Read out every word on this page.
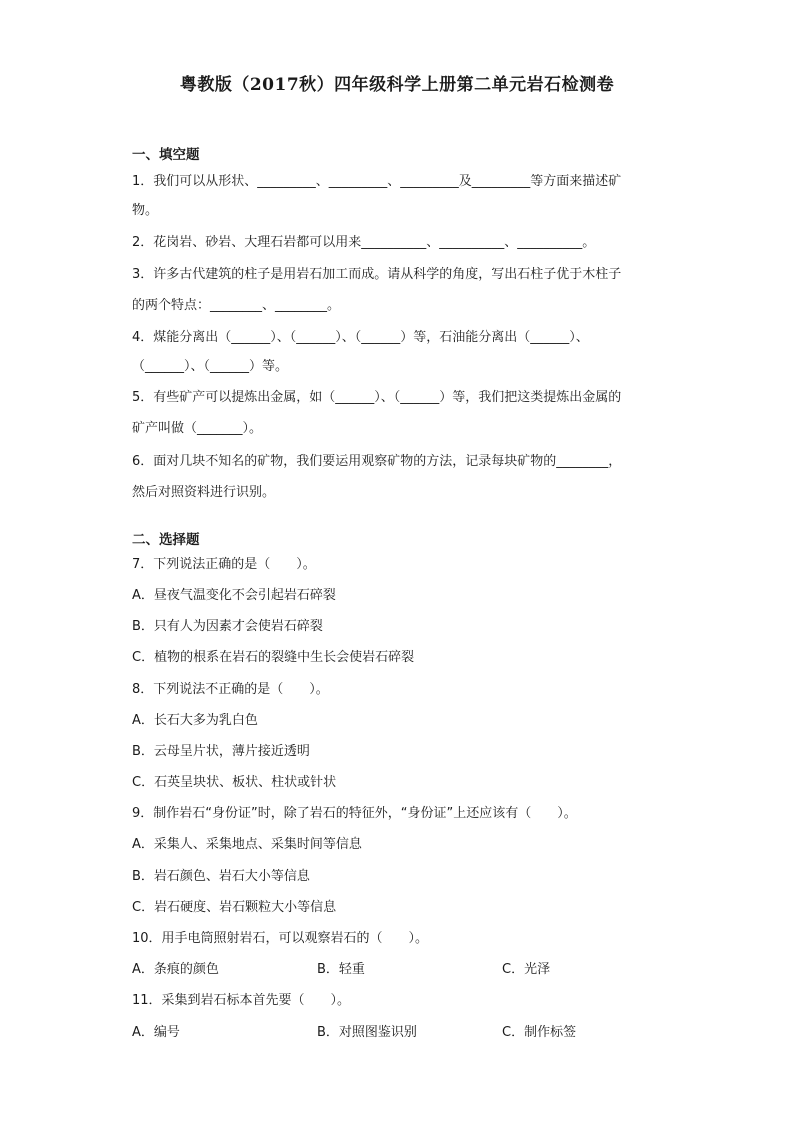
粤教版（2017秋）四年级科学上册第二单元岩石检测卷
一、填空题
1．我们可以从形状、_________、_________、_________及_________等方面来描述矿
物。
2．花岗岩、砂岩、大理石岩都可以用来__________、__________、__________。
3．许多古代建筑的柱子是用岩石加工而成。请从科学的角度，写出石柱子优于木柱子
的两个特点：________、________。
4．煤能分离出（______）、（______）、（______）等，石油能分离出（______）、
（______）、（______）等。
5．有些矿产可以提炼出金属，如（______）、（______）等，我们把这类提炼出金属的
矿产叫做（_______）。
6．面对几块不知名的矿物，我们要运用观察矿物的方法，记录每块矿物的________，
然后对照资料进行识别。
二、选择题
7．下列说法正确的是（　　）。
A．昼夜气温变化不会引起岩石碎裂
B．只有人为因素才会使岩石碎裂
C．植物的根系在岩石的裂缝中生长会使岩石碎裂
8．下列说法不正确的是（　　）。
A．长石大多为乳白色
B．云母呈片状，薄片接近透明
C．石英呈块状、板状、柱状或针状
9．制作岩石“身份证”时，除了岩石的特征外，“身份证”上还应该有（　　）。
A．采集人、采集地点、采集时间等信息
B．岩石颜色、岩石大小等信息
C．岩石硬度、岩石颗粒大小等信息
10．用手电筒照射岩石，可以观察岩石的（　　）。
A．条痕的颜色	B．轻重	C．光泽
11．采集到岩石标本首先要（　　）。
A．编号	B．对照图鉴识别	C．制作标签
